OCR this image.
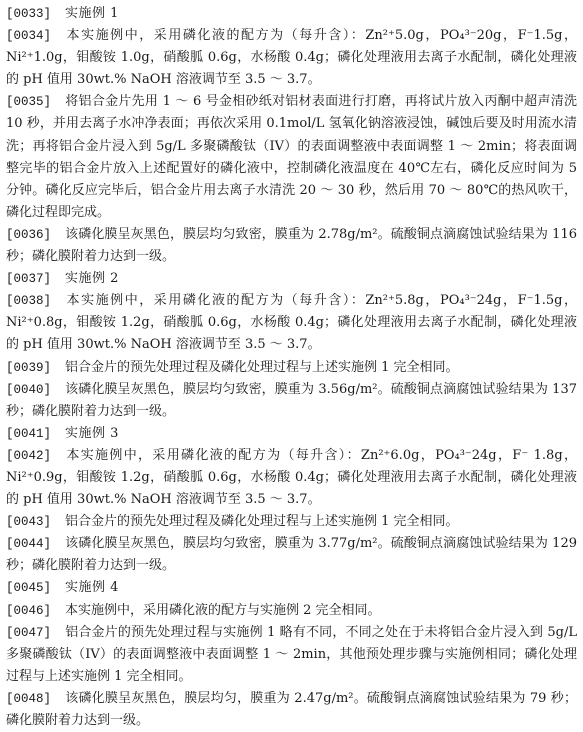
[0033] 实施例 1

[0034] 本实施例中，采用磷化液的配方为（每升含）：Zn²⁺5.0g，PO₄³⁻20g，F⁻1.5g，Ni²⁺1.0g，钼酸铵 1.0g，硝酸胍 0.6g，水杨酸 0.4g；磷化处理液用去离子水配制，磷化处理液的 pH 值用 30wt.% NaOH 溶液调节至 3.5 ～ 3.7。

[0035] 将铝合金片先用 1 ～ 6 号金相砂纸对铝材表面进行打磨，再将试片放入丙酮中超声清洗 10 秒，并用去离子水冲净表面；再依次采用 0.1mol/L 氢氧化钠溶液浸蚀，碱蚀后要及时用流水清洗；再将铝合金片浸入到 5g/L 多聚磷酸钛（IV）的表面调整液中表面调整 1 ～ 2min；将表面调整完毕的铝合金片放入上述配置好的磷化液中，控制磷化液温度在 40℃左右，磷化反应时间为 5 分钟。磷化反应完毕后，铝合金片用去离子水清洗 20 ～ 30 秒，然后用 70 ～ 80℃的热风吹干，磷化过程即完成。

[0036] 该磷化膜呈灰黑色，膜层均匀致密，膜重为 2.78g/m²。硫酸铜点滴腐蚀试验结果为 116 秒；磷化膜附着力达到一级。

[0037] 实施例 2

[0038] 本实施例中，采用磷化液的配方为（每升含）：Zn²⁺5.8g，PO₄³⁻24g，F⁻1.5g，Ni²⁺0.8g，钼酸铵 1.2g，硝酸胍 0.6g，水杨酸 0.4g；磷化处理液用去离子水配制，磷化处理液的 pH 值用 30wt.% NaOH 溶液调节至 3.5 ～ 3.7。

[0039] 铝合金片的预先处理过程及磷化处理过程与上述实施例 1 完全相同。

[0040] 该磷化膜呈灰黑色，膜层均匀致密，膜重为 3.56g/m²。硫酸铜点滴腐蚀试验结果为 137 秒；磷化膜附着力达到一级。

[0041] 实施例 3

[0042] 本实施例中，采用磷化液的配方为（每升含）：Zn²⁺6.0g，PO₄³⁻24g，F⁻ 1.8g，Ni²⁺0.9g，钼酸铵 1.2g，硝酸胍 0.6g，水杨酸 0.4g；磷化处理液用去离子水配制，磷化处理液的 pH 值用 30wt.% NaOH 溶液调节至 3.5 ～ 3.7。

[0043] 铝合金片的预先处理过程及磷化处理过程与上述实施例 1 完全相同。

[0044] 该磷化膜呈灰黑色，膜层均匀致密，膜重为 3.77g/m²。硫酸铜点滴腐蚀试验结果为 129 秒；磷化膜附着力达到一级。

[0045] 实施例 4

[0046] 本实施例中，采用磷化液的配方与实施例 2 完全相同。

[0047] 铝合金片的预先处理过程与实施例 1 略有不同，不同之处在于未将铝合金片浸入到 5g/L 多聚磷酸钛（IV）的表面调整液中表面调整 1 ～ 2min，其他预处理步骤与实施例相同；磷化处理过程与上述实施例 1 完全相同。

[0048] 该磷化膜呈灰黑色，膜层均匀，膜重为 2.47g/m²。硫酸铜点滴腐蚀试验结果为 79 秒；磷化膜附着力达到一级。
